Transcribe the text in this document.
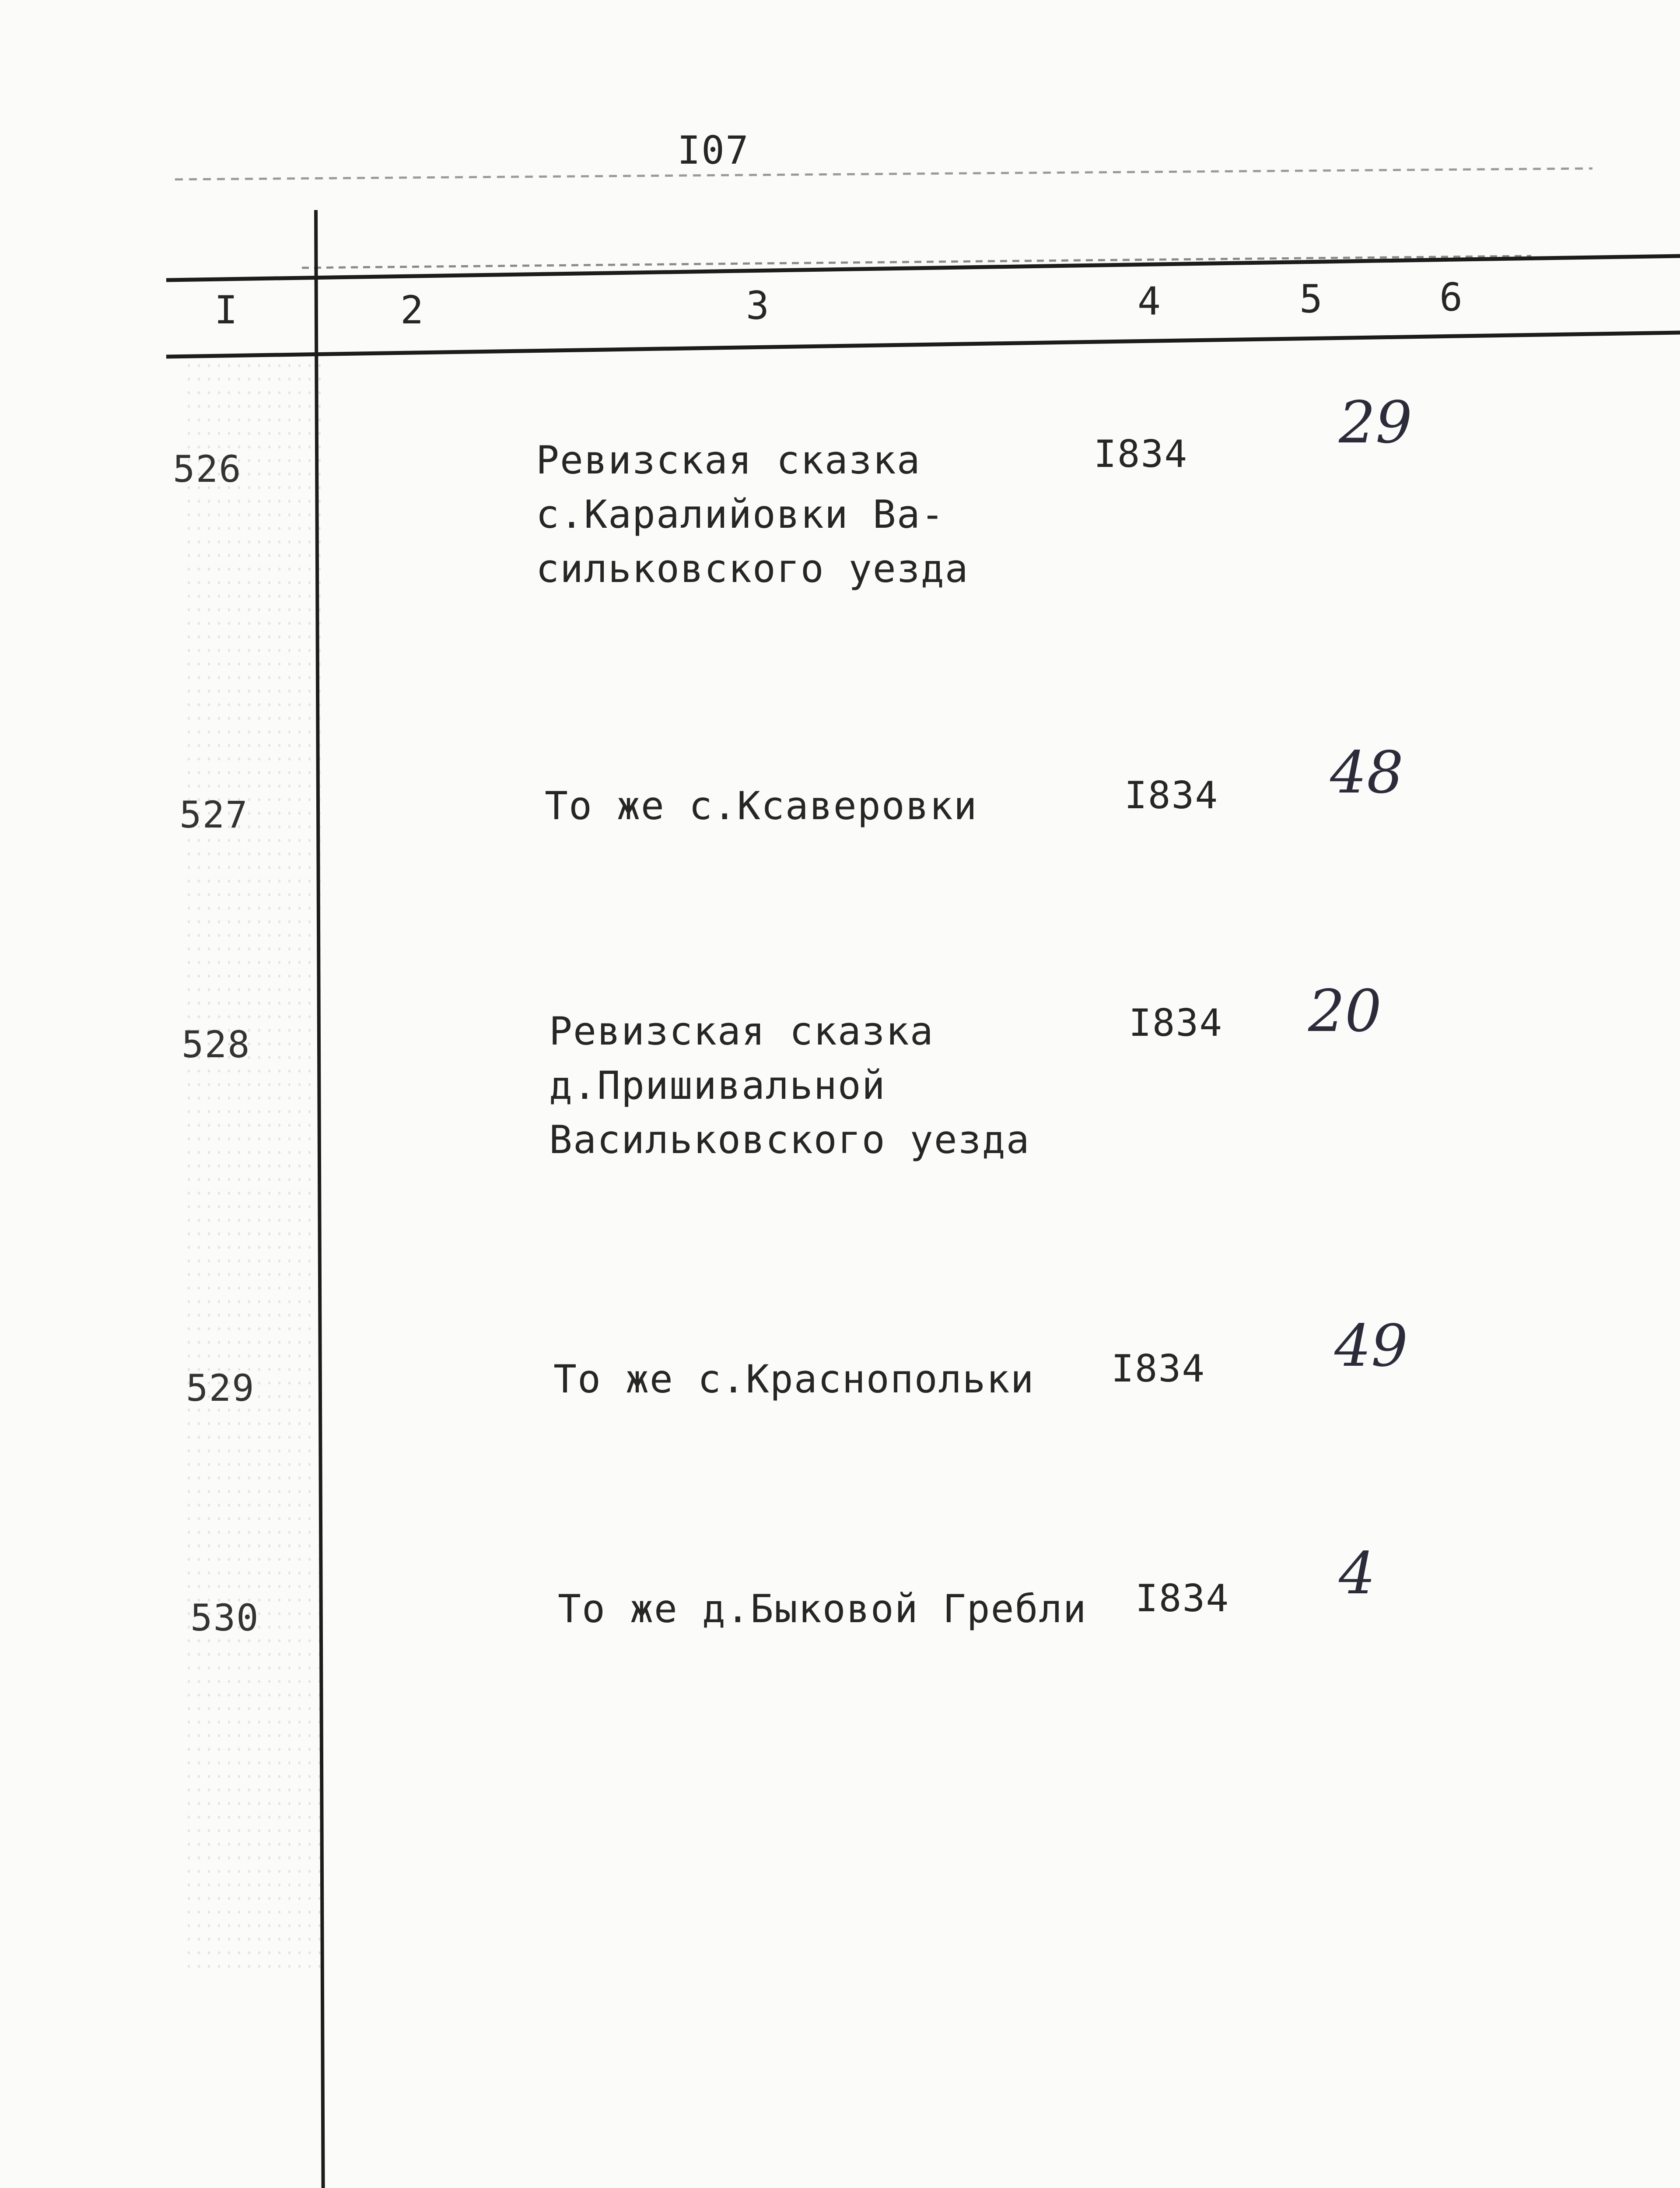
I07
I	2	3	4	5	6
526	Ревизская сказка
с.Каралийовки Ва-
сильковского уезда
I834	29
527	То же с.Ксаверовки	I834 48
528	Ревизская сказка
д.Пришивальной
Васильковского уезда
I834 20
529	То же с.Краснопольки I834 49
530	То же д.Быковой Гребли I834 4
